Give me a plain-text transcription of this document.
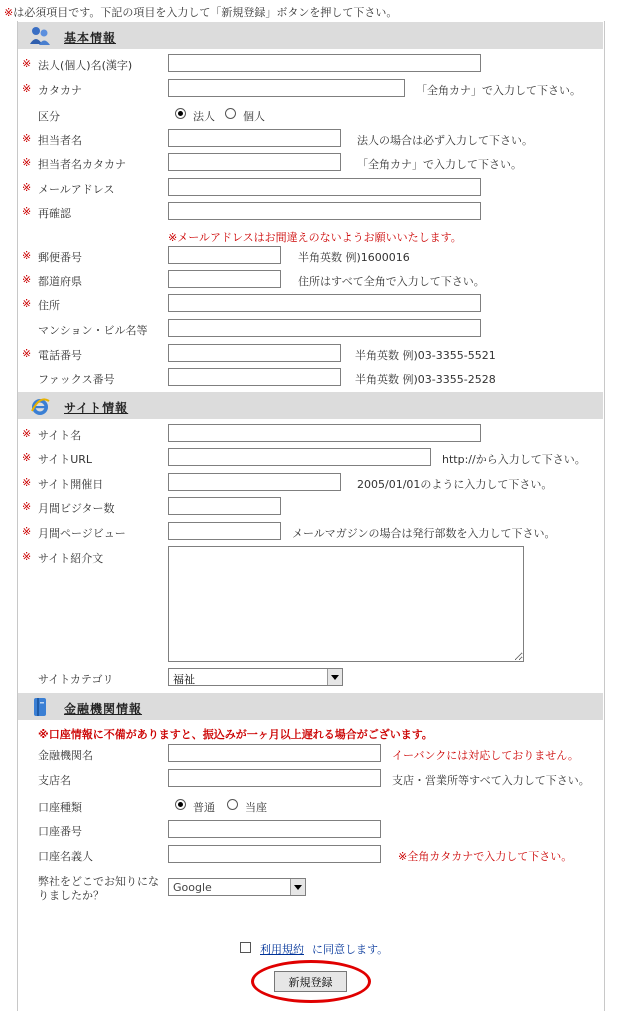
※は必須項目です。下記の項目を入力して「新規登録」ボタンを押して下さい。
基本情報
※ 法人(個人)名(漢字)
※ カタカナ	「全角カナ」で入力して下さい。
区分	法人	個人
※ 担当者名	法人の場合は必ず入力して下さい。
※ 担当者名カタカナ	「全角カナ」で入力して下さい。
※ メールアドレス
※ 再確認
※メールアドレスはお間違えのないようお願いいたします。
※ 郵便番号	半角英数 例)1600016
※ 都道府県	住所はすべて全角で入力して下さい。
※ 住所
マンション・ビル名等
※ 電話番号	半角英数 例)03-3355-5521
ファックス番号	半角英数 例)03-3355-2528
サイト情報
※ サイト名
※ サイトURL	http://から入力して下さい。
※ サイト開催日	2005/01/01のように入力して下さい。
※ 月間ビジター数
※ 月間ページビュー	メールマガジンの場合は発行部数を入力して下さい。
※ サイト紹介文
サイトカテゴリ	福祉
金融機関情報
※口座情報に不備がありますと、振込みが一ヶ月以上遅れる場合がございます。
金融機関名	イーバンクには対応しておりません。
支店名	支店・営業所等すべて入力して下さい。
口座種類	普通	当座
口座番号
口座名義人	※全角カタカナで入力して下さい。
弊社をどこでお知りにな
りましたか？
Google
利用規約 に同意します。
新規登録
